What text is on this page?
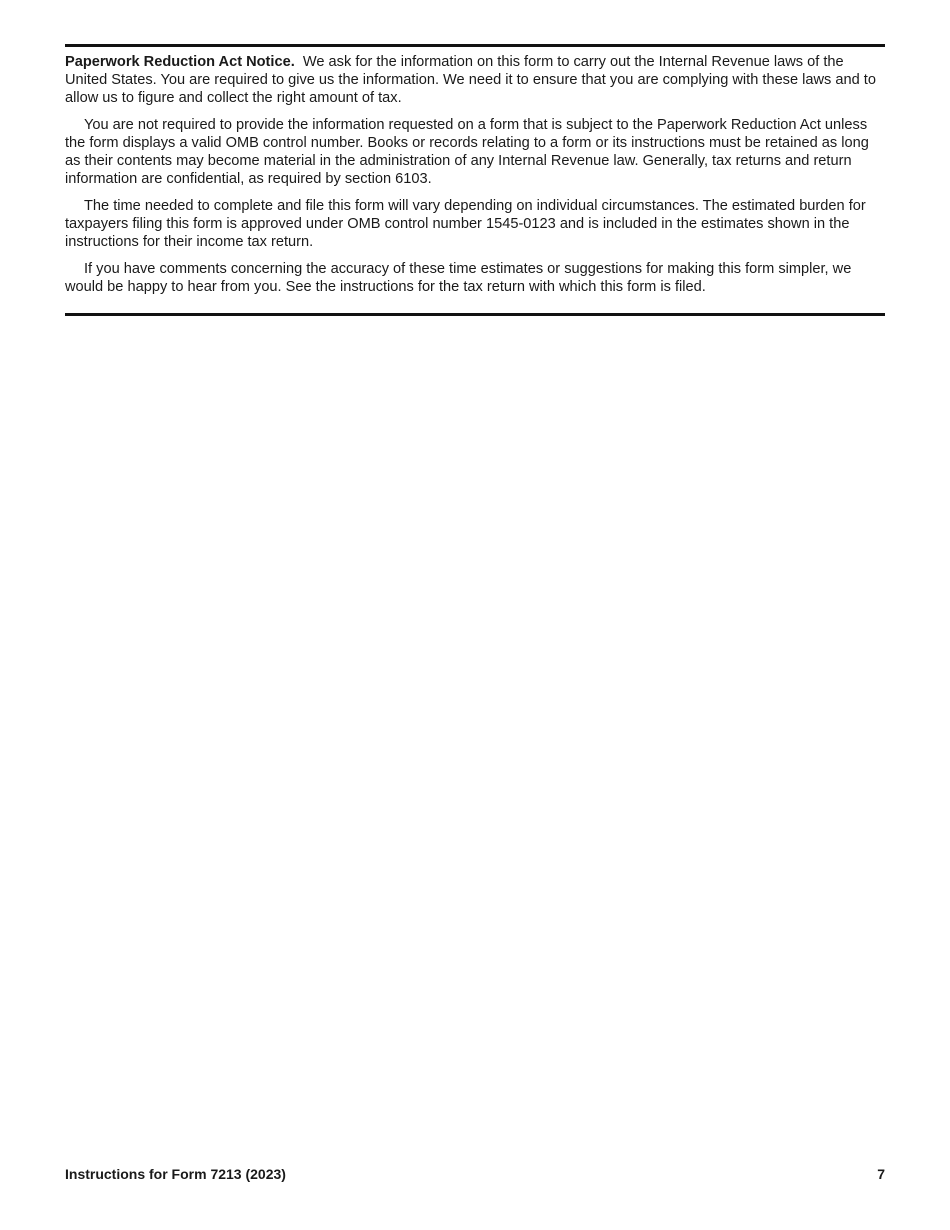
Paperwork Reduction Act Notice. We ask for the information on this form to carry out the Internal Revenue laws of the United States. You are required to give us the information. We need it to ensure that you are complying with these laws and to allow us to figure and collect the right amount of tax.

You are not required to provide the information requested on a form that is subject to the Paperwork Reduction Act unless the form displays a valid OMB control number. Books or records relating to a form or its instructions must be retained as long as their contents may become material in the administration of any Internal Revenue law. Generally, tax returns and return information are confidential, as required by section 6103.

The time needed to complete and file this form will vary depending on individual circumstances. The estimated burden for taxpayers filing this form is approved under OMB control number 1545-0123 and is included in the estimates shown in the instructions for their income tax return.

If you have comments concerning the accuracy of these time estimates or suggestions for making this form simpler, we would be happy to hear from you. See the instructions for the tax return with which this form is filed.

Instructions for Form 7213 (2023)	7
